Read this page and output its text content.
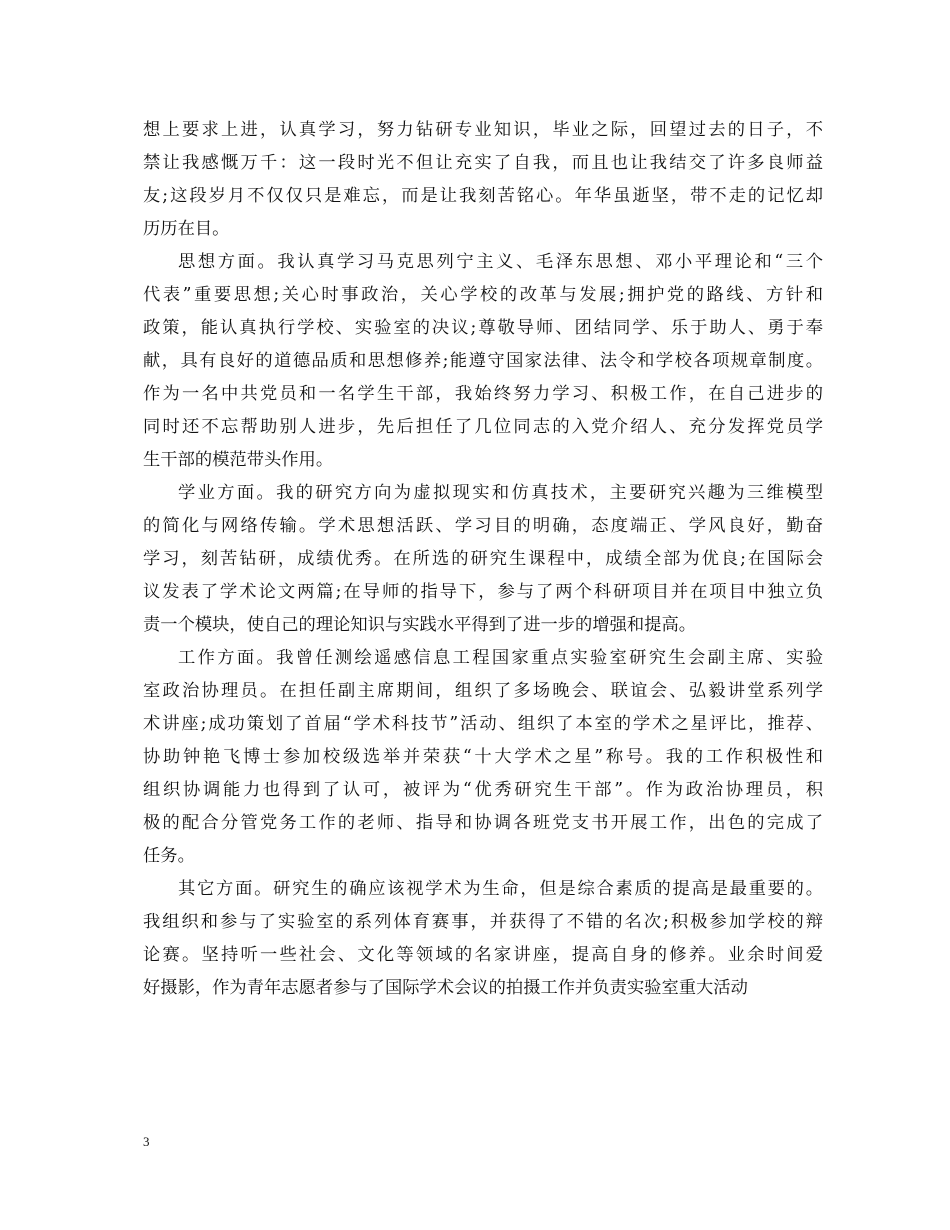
想上要求上进，认真学习，努力钻研专业知识，毕业之际，回望过去的日子，不
禁让我感慨万千：这一段时光不但让充实了自我，而且也让我结交了许多良师益
友;这段岁月不仅仅只是难忘，而是让我刻苦铭心。年华虽逝坚，带不走的记忆却
历历在目。
思想方面。我认真学习马克思列宁主义、毛泽东思想、邓小平理论和“三个
代表”重要思想;关心时事政治，关心学校的改革与发展;拥护党的路线、方针和
政策，能认真执行学校、实验室的决议;尊敬导师、团结同学、乐于助人、勇于奉
献，具有良好的道德品质和思想修养;能遵守国家法律、法令和学校各项规章制度。
作为一名中共党员和一名学生干部，我始终努力学习、积极工作，在自己进步的
同时还不忘帮助别人进步，先后担任了几位同志的入党介绍人、充分发挥党员学
生干部的模范带头作用。
学业方面。我的研究方向为虚拟现实和仿真技术，主要研究兴趣为三维模型
的简化与网络传输。学术思想活跃、学习目的明确，态度端正、学风良好，勤奋
学习，刻苦钻研，成绩优秀。在所选的研究生课程中，成绩全部为优良;在国际会
议发表了学术论文两篇;在导师的指导下，参与了两个科研项目并在项目中独立负
责一个模块，使自己的理论知识与实践水平得到了进一步的增强和提高。
工作方面。我曾任测绘遥感信息工程国家重点实验室研究生会副主席、实验
室政治协理员。在担任副主席期间，组织了多场晚会、联谊会、弘毅讲堂系列学
术讲座;成功策划了首届“学术科技节”活动、组织了本室的学术之星评比，推荐、
协助钟艳飞博士参加校级选举并荣获“十大学术之星”称号。我的工作积极性和
组织协调能力也得到了认可，被评为“优秀研究生干部”。作为政治协理员，积
极的配合分管党务工作的老师、指导和协调各班党支书开展工作，出色的完成了
任务。
其它方面。研究生的确应该视学术为生命，但是综合素质的提高是最重要的。
我组织和参与了实验室的系列体育赛事，并获得了不错的名次;积极参加学校的辩
论赛。坚持听一些社会、文化等领域的名家讲座，提高自身的修养。业余时间爱
好摄影，作为青年志愿者参与了国际学术会议的拍摄工作并负责实验室重大活动
3
